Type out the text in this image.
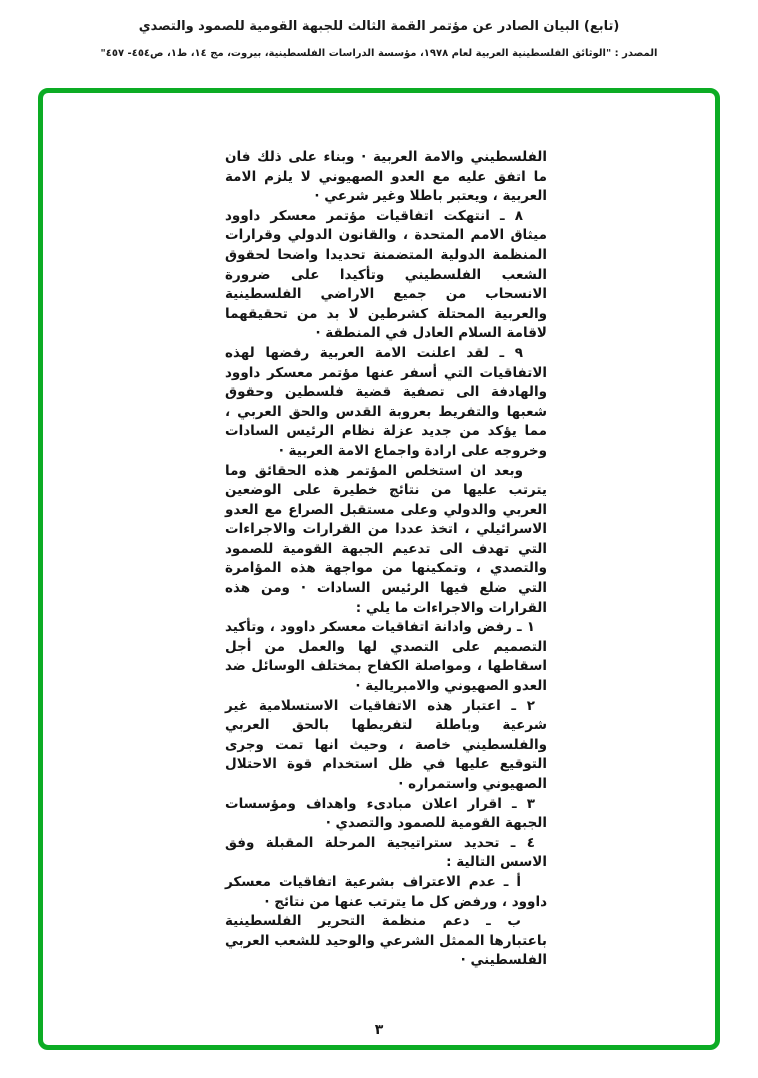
(تابع) البيان الصادر عن مؤتمر القمة الثالث للجبهة القومية للصمود والتصدي
المصدر : "الوثائق الفلسطينية العربية لعام ١٩٧٨، مؤسسة الدراسات الفلسطينية، بيروت، مج ١٤، ط١، ص٤٥٤- ٤٥٧"

الفلسطيني والامة العربية · وبناء على ذلك فان ما اتفق عليه مع العدو الصهيوني لا يلزم الامة العربية ، ويعتبر باطلا وغير شرعي ·

٨ ـ انتهكت اتفاقيات مؤتمر معسكر داوود ميثاق الامم المتحدة ، والقانون الدولي وقرارات المنظمة الدولية المتضمنة تحديدا واضحا لحقوق الشعب الفلسطيني وتأكيدا على ضرورة الانسحاب من جميع الاراضي الفلسطينية والعربية المحتلة كشرطين لا بد من تحقيقهما لاقامة السلام العادل في المنطقة ·

٩ ـ لقد اعلنت الامة العربية رفضها لهذه الاتفاقيات التي أسفر عنها مؤتمر معسكر داوود والهادفة الى تصفية قضية فلسطين وحقوق شعبها والتفريط بعروبة القدس والحق العربي ، مما يؤكد من جديد عزلة نظام الرئيس السادات وخروجه على ارادة واجماع الامة العربية ·

وبعد ان استخلص المؤتمر هذه الحقائق وما يترتب عليها من نتائج خطيرة على الوضعين العربي والدولي وعلى مستقبل الصراع مع العدو الاسرائيلي ، اتخذ عددا من القرارات والاجراءات التي تهدف الى تدعيم الجبهة القومية للصمود والتصدي ، وتمكينها من مواجهة هذه المؤامرة التي ضلع فيها الرئيس السادات · ومن هذه القرارات والاجراءات ما يلي :

١ ـ رفض وادانة اتفاقيات معسكر داوود ، وتأكيد التصميم على التصدي لها والعمل من أجل اسقاطها ، ومواصلة الكفاح بمختلف الوسائل ضد العدو الصهيوني والامبريالية ·

٢ ـ اعتبار هذه الاتفاقيات الاستسلامية غير شرعية وباطلة لتفريطها بالحق العربي والفلسطيني خاصة ، وحيث انها تمت وجرى التوقيع عليها في ظل استخدام قوة الاحتلال الصهيوني واستمراره ·

٣ ـ اقرار اعلان مبادىء واهداف ومؤسسات الجبهة القومية للصمود والتصدي ·

٤ ـ تحديد ستراتيجية المرحلة المقبلة وفق الاسس التالية :

أ ـ عدم الاعتراف بشرعية اتفاقيات معسكر داوود ، ورفض كل ما يترتب عنها من نتائج ·

ب ـ دعم منظمة التحرير الفلسطينية باعتبارها الممثل الشرعي والوحيد للشعب العربي الفلسطيني ·

٣
